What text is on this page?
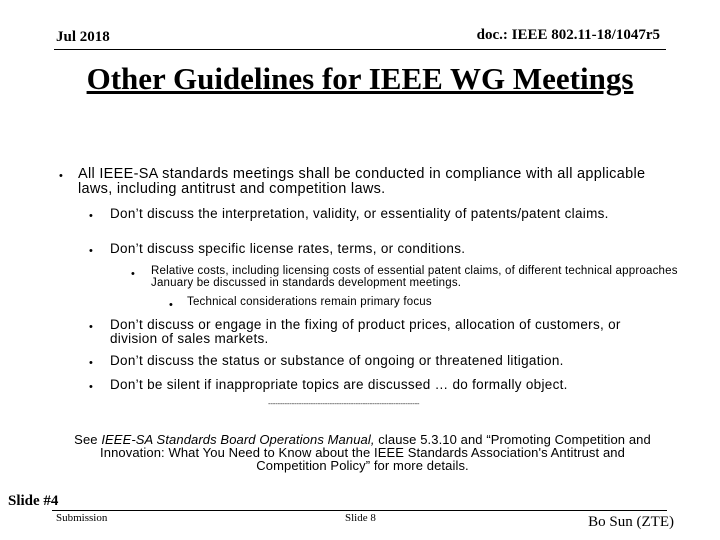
Jul 2018	doc.: IEEE 802.11-18/1047r5
Other Guidelines for IEEE WG Meetings
• All IEEE-SA standards meetings shall be conducted in compliance with all applicable laws, including antitrust and competition laws.
• Don’t discuss the interpretation, validity, or essentiality of patents/patent claims.
• Don’t discuss specific license rates, terms, or conditions.
• Relative costs, including licensing costs of essential patent claims, of different technical approaches January be discussed in standards development meetings.
• Technical considerations remain primary focus
• Don’t discuss or engage in the fixing of product prices, allocation of customers, or division of sales markets.
• Don’t discuss the status or substance of ongoing or threatened litigation.
• Don’t be silent if inappropriate topics are discussed … do formally object.
----------------------------------------------------------------
See IEEE-SA Standards Board Operations Manual, clause 5.3.10 and “Promoting Competition and Innovation: What You Need to Know about the IEEE Standards Association's Antitrust and Competition Policy” for more details.
Slide #4
Submission	Slide 8	Bo Sun (ZTE)
